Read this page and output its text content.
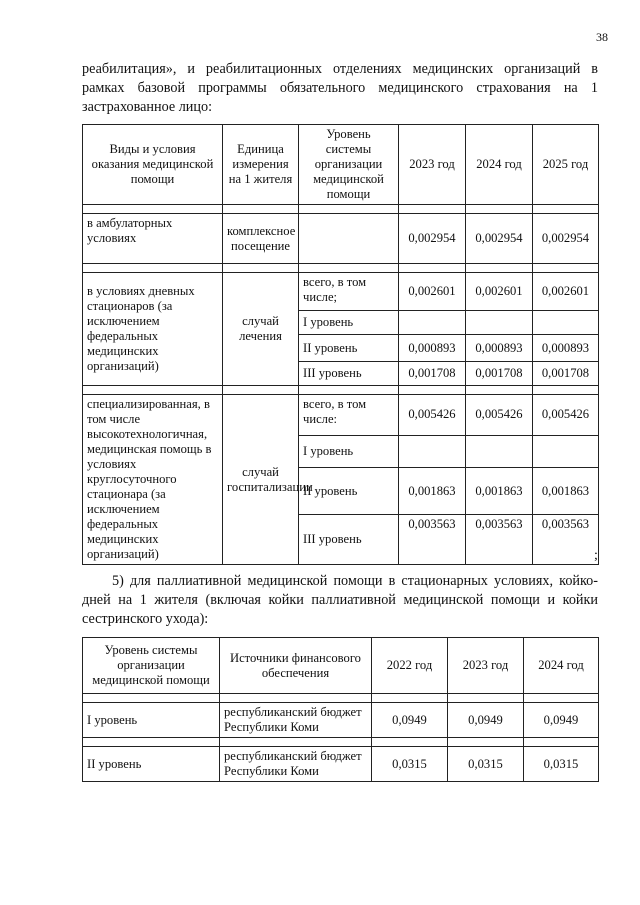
38

реабилитация», и реабилитационных отделениях медицинских организаций в рамках базовой программы обязательного медицинского страхования на 1 застрахованное лицо:

Виды и условия оказания медицинской помощи	Единица измерения на 1 жителя	Уровень системы организации медицинской помощи	2023 год	2024 год	2025 год

в амбулаторных условиях	комплексное посещение		0,002954	0,002954	0,002954

в условиях дневных стационаров (за исключением федеральных медицинских организаций)	случай лечения	всего, в том числе;	0,002601	0,002601	0,002601
		I уровень			
		II уровень	0,000893	0,000893	0,000893
		III уровень	0,001708	0,001708	0,001708

специализированная, в том числе высокотехнологичная, медицинская помощь в условиях круглосуточного стационара (за исключением федеральных медицинских организаций)	случай госпитализации	всего, в том числе:	0,005426	0,005426	0,005426
		I уровень			
		II уровень	0,001863	0,001863	0,001863
		III уровень	0,003563	0,003563	0,003563
;

5) для паллиативной медицинской помощи в стационарных условиях, койко-дней на 1 жителя (включая койки паллиативной медицинской помощи и койки сестринского ухода):

Уровень системы организации медицинской помощи	Источники финансового обеспечения	2022 год	2023 год	2024 год

I уровень	республиканский бюджет Республики Коми	0,0949	0,0949	0,0949

II уровень	республиканский бюджет Республики Коми	0,0315	0,0315	0,0315
